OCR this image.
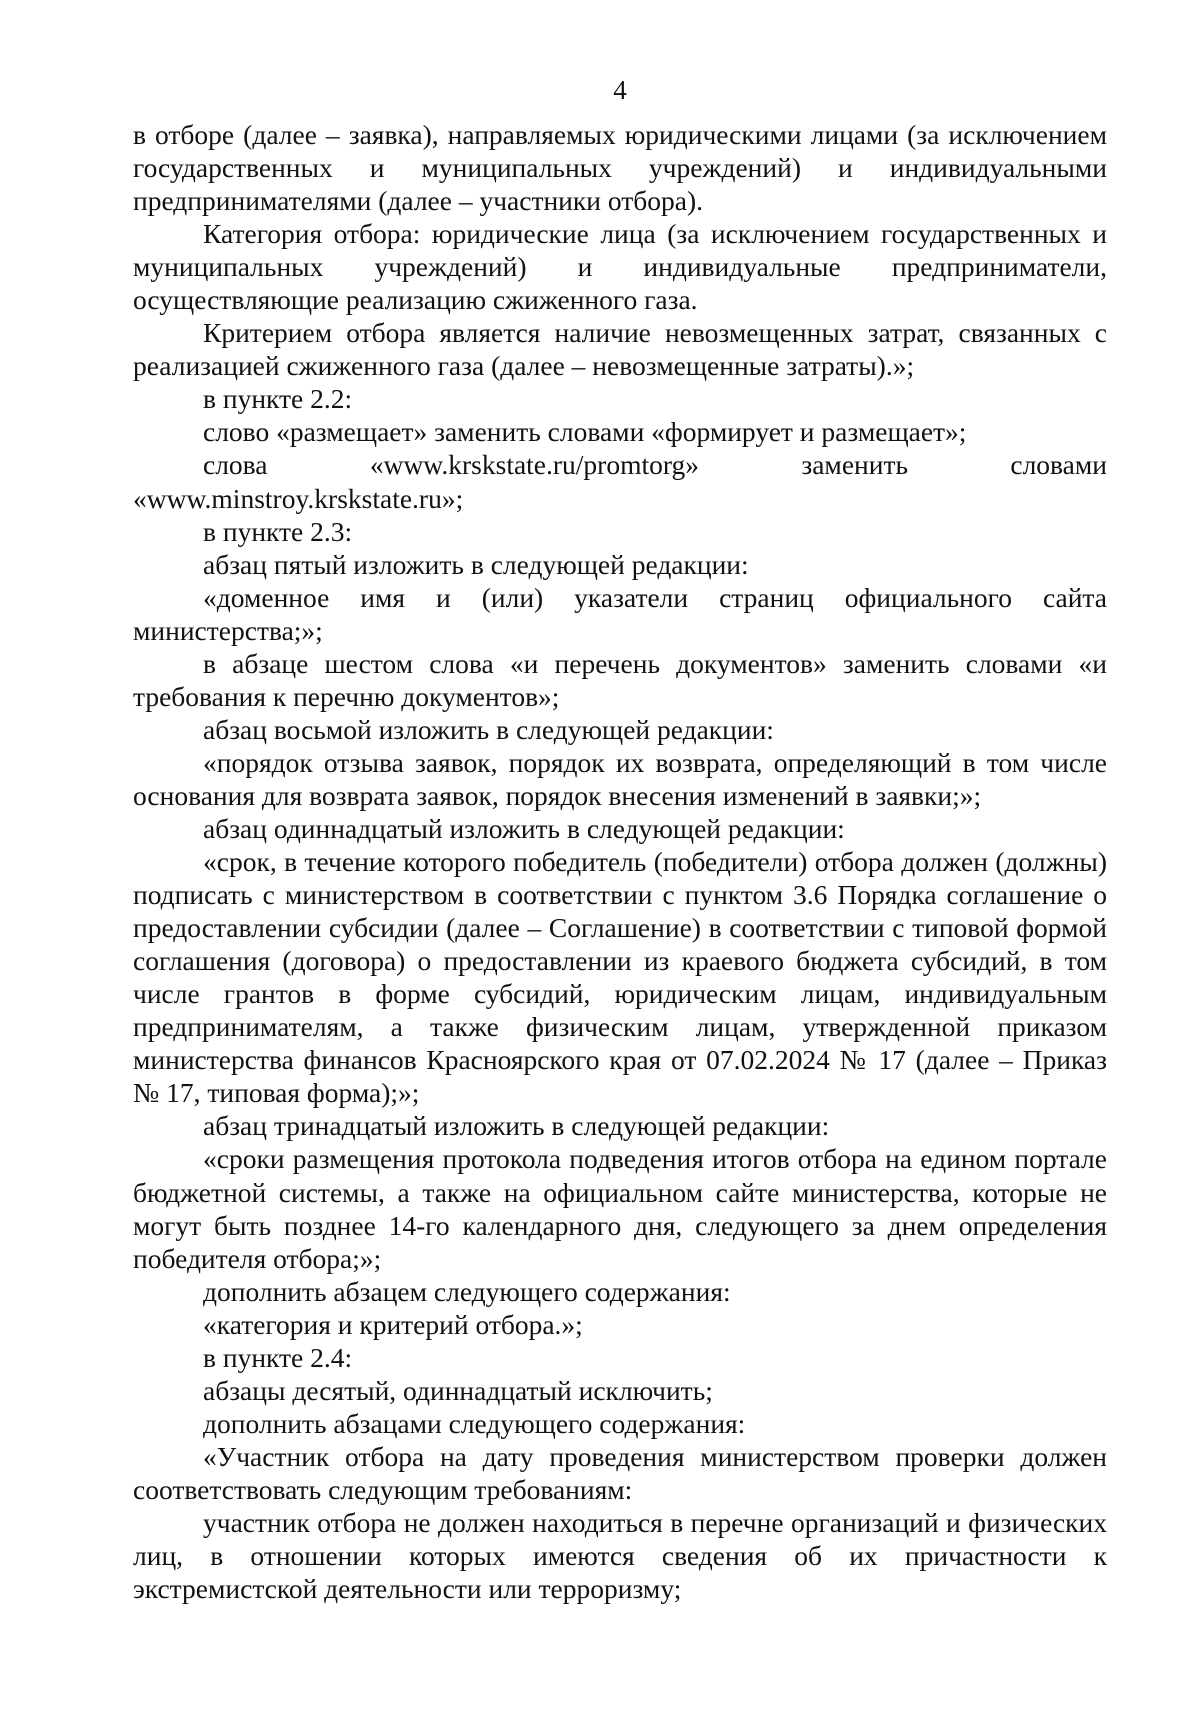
4

в отборе (далее – заявка), направляемых юридическими лицами (за исключением государственных и муниципальных учреждений) и индивидуальными предпринимателями (далее – участники отбора).

Категория отбора: юридические лица (за исключением государственных и муниципальных учреждений) и индивидуальные предприниматели, осуществляющие реализацию сжиженного газа.

Критерием отбора является наличие невозмещенных затрат, связанных с реализацией сжиженного газа (далее – невозмещенные затраты).»;

в пункте 2.2:

слово «размещает» заменить словами «формирует и размещает»;

слова «www.krskstate.ru/promtorg» заменить словами «www.minstroy.krskstate.ru»;

в пункте 2.3:

абзац пятый изложить в следующей редакции:

«доменное имя и (или) указатели страниц официального сайта министерства;»;

в абзаце шестом слова «и перечень документов» заменить словами «и требования к перечню документов»;

абзац восьмой изложить в следующей редакции:

«порядок отзыва заявок, порядок их возврата, определяющий в том числе основания для возврата заявок, порядок внесения изменений в заявки;»;

абзац одиннадцатый изложить в следующей редакции:

«срок, в течение которого победитель (победители) отбора должен (должны) подписать с министерством в соответствии с пунктом 3.6 Порядка соглашение о предоставлении субсидии (далее – Соглашение) в соответствии с типовой формой соглашения (договора) о предоставлении из краевого бюджета субсидий, в том числе грантов в форме субсидий, юридическим лицам, индивидуальным предпринимателям, а также физическим лицам, утвержденной приказом министерства финансов Красноярского края от 07.02.2024 № 17 (далее – Приказ № 17, типовая форма);»;

абзац тринадцатый изложить в следующей редакции:

«сроки размещения протокола подведения итогов отбора на едином портале бюджетной системы, а также на официальном сайте министерства, которые не могут быть позднее 14-го календарного дня, следующего за днем определения победителя отбора;»;

дополнить абзацем следующего содержания:

«категория и критерий отбора.»;

в пункте 2.4:

абзацы десятый, одиннадцатый исключить;

дополнить абзацами следующего содержания:

«Участник отбора на дату проведения министерством проверки должен соответствовать следующим требованиям:

участник отбора не должен находиться в перечне организаций и физических лиц, в отношении которых имеются сведения об их причастности к экстремистской деятельности или терроризму;
